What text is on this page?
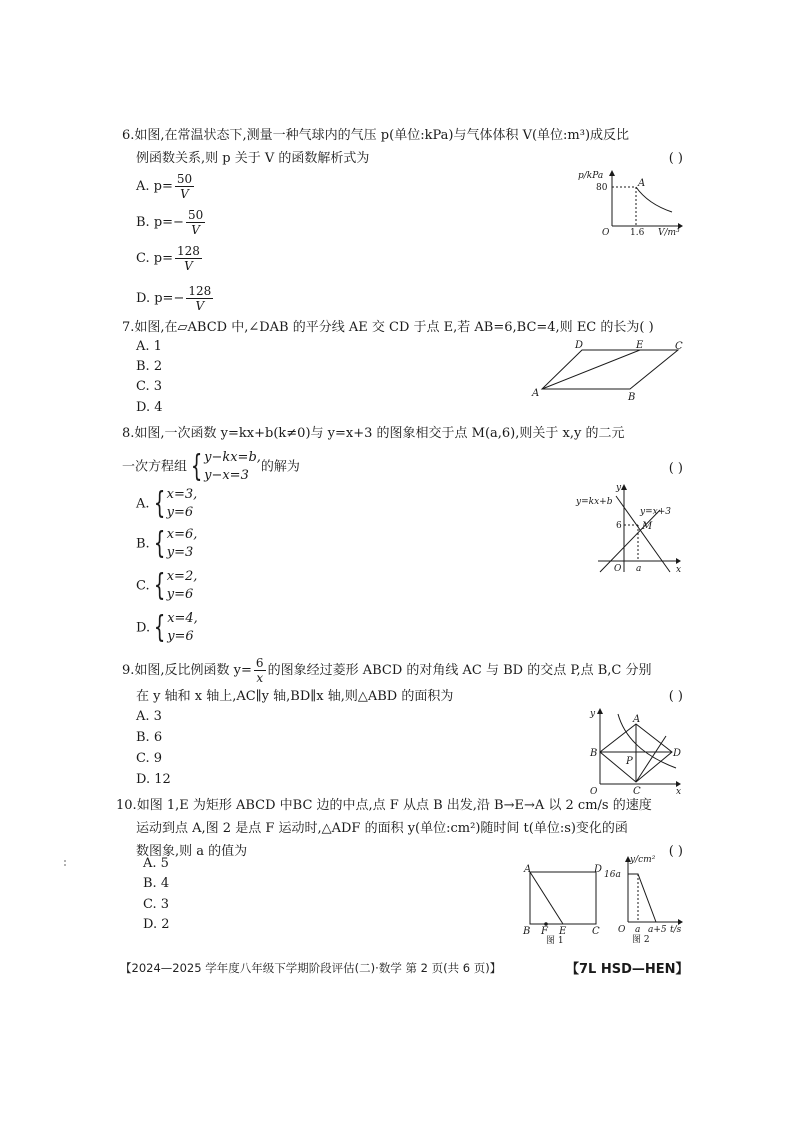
6.如图,在常温状态下,测量一种气球内的气压 p(单位:kPa)与气体体积 V(单位:m³)成反比
例函数关系,则 p 关于 V 的函数解析式为	( )
A. $p= \frac{50}{V}$
B. $p=- \frac{50}{V}$
C. $p= \frac{128}{V}$
D. $p=- \frac{128}{V}$
p/kPa
80	A
O 1.6 V/m³
7.如图,在▱ABCD 中,∠DAB 的平分线 AE 交 CD 于点 E,若 AB=6,BC=4,则 EC 的长为( )
A. 1
B. 2
C. 3
D. 4
A	B
C
D	E
8.如图,一次函数 y=kx+b(k≠0)与 y=x+3 的图象相交于点 M(a,6),则关于 x,y 的二元
一次方程组 { y−kx=b,
y−x=3
的解为	( )
A. { x=3,
y=6
B. { x=6,
y=3
C. { x=2,
y=6
D. { x=4,
y=6
y=kx+b
y=x+3
6 M
O a	x
y
9.如图,反比例函数 $y= \frac{6}{x}$ 的图象经过菱形 ABCD 的对角线 AC 与 BD 的交点 P,点 B,C 分别
在 y 轴和 x 轴上,AC∥y 轴,BD∥x 轴,则△ABD 的面积为	( )
A. 3
B. 6
C. 9
D. 12
A
B
C
D
P
O	x
y
10.如图 1,E 为矩形 ABCD 中BC 边的中点,点 F 从点 B 出发,沿 B→E→A 以 2 cm/s 的速度
运动到点 A,图 2 是点 F 运动时,△ADF 的面积 y(单位:cm²)随时间 t(单位:s)变化的函
数图象,则 a 的值为	( )
A. 5
B. 4
C. 3
D. 2
A
B	C
D
E
F
图 1
y/cm²
16a
O a a+5 t/s
图 2
【2024—2025 学年度八年级下学期阶段评估(二)·数学 第 2 页(共 6 页)】	【7L HSD—HEN】
